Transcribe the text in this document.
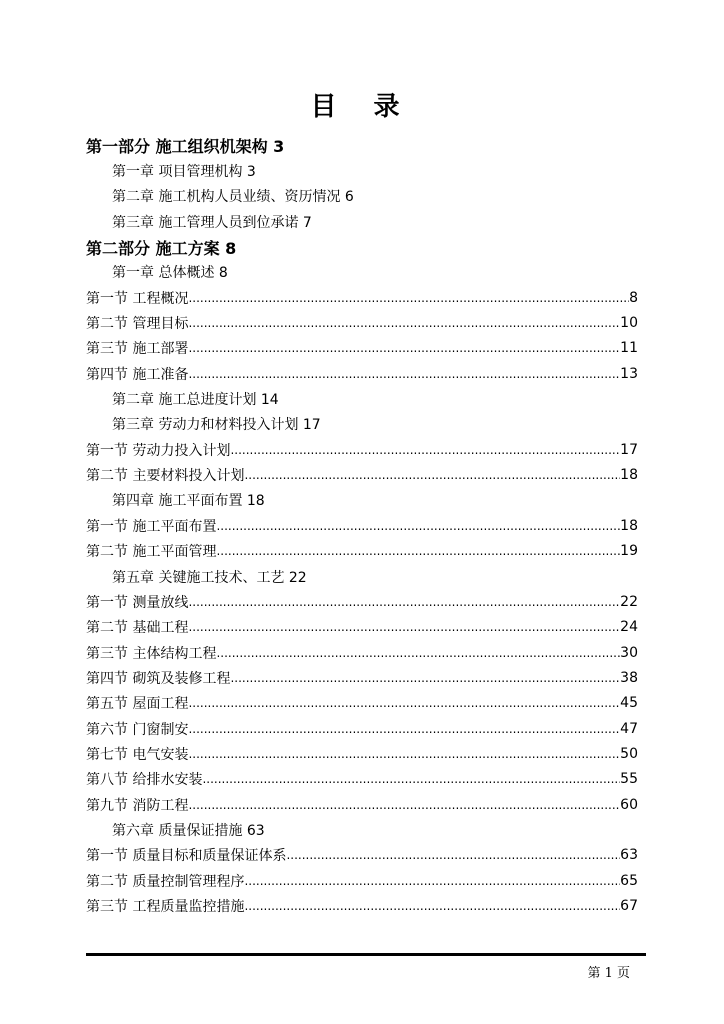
目 录
第一部分 施工组织机架构 3
第一章 项目管理机构 3
第二章 施工机构人员业绩、资历情况 6
第三章 施工管理人员到位承诺 7
第二部分 施工方案 8
第一章 总体概述 8
第一节 工程概况 .....	8
第二节 管理目标 .....	10
第三节 施工部署 .....	11
第四节 施工准备 .....	13
第二章 施工总进度计划 14
第三章 劳动力和材料投入计划 17
第一节 劳动力投入计划 .....	17
第二节 主要材料投入计划 .....	18
第四章 施工平面布置 18
第一节 施工平面布置 .....	18
第二节 施工平面管理 .....	19
第五章 关键施工技术、工艺 22
第一节 测量放线 .....	22
第二节 基础工程 .....	24
第三节 主体结构工程 .....	30
第四节 砌筑及装修工程 .....	38
第五节 屋面工程 .....	45
第六节 门窗制安 .....	47
第七节 电气安装 .....	50
第八节 给排水安装 .....	55
第九节 消防工程 .....	60
第六章 质量保证措施 63
第一节 质量目标和质量保证体系 .....	63
第二节 质量控制管理程序 .....	65
第三节 工程质量监控措施 .....	67
第 1 页
